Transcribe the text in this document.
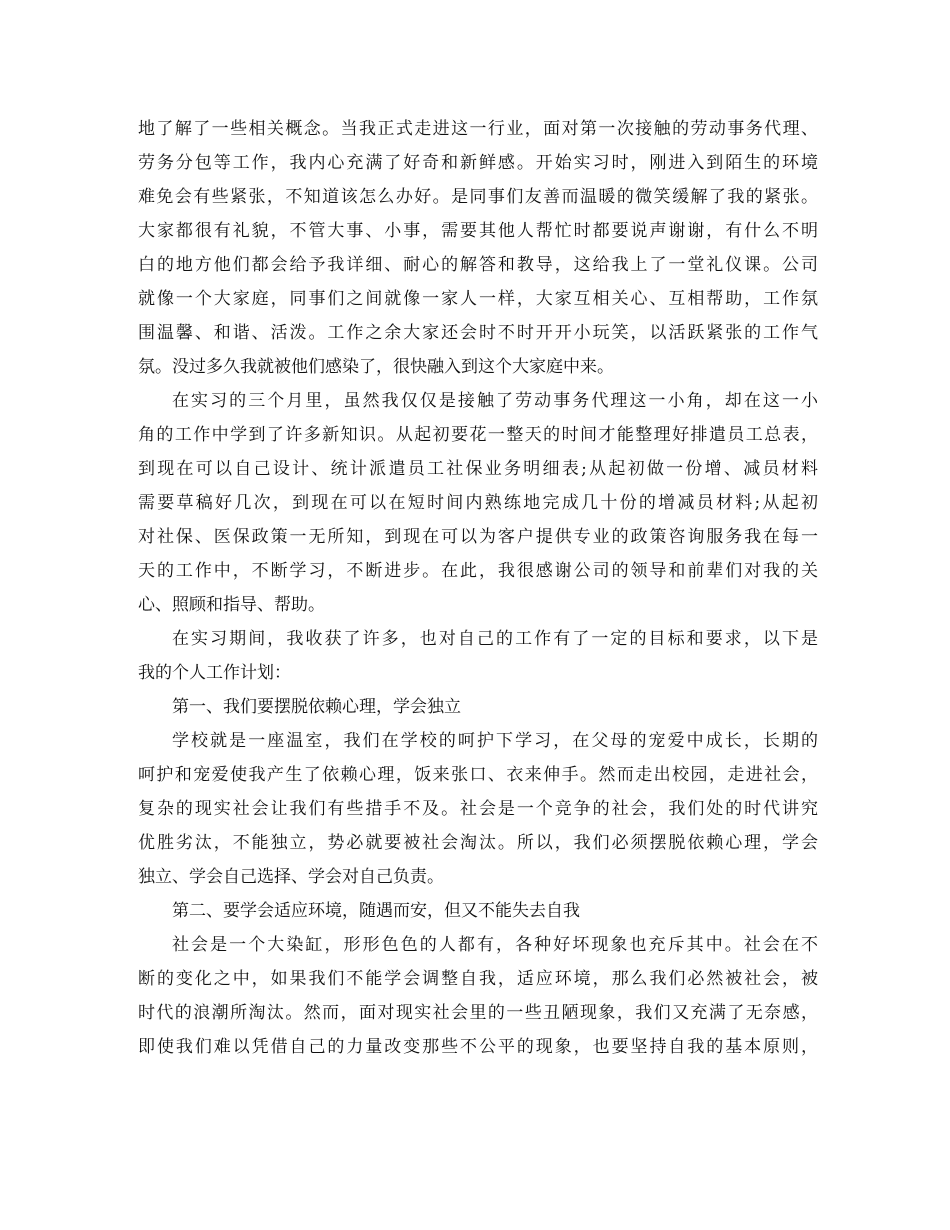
地了解了一些相关概念。当我正式走进这一行业，面对第一次接触的劳动事务代理、
劳务分包等工作，我内心充满了好奇和新鲜感。开始实习时，刚进入到陌生的环境
难免会有些紧张，不知道该怎么办好。是同事们友善而温暖的微笑缓解了我的紧张。
大家都很有礼貌，不管大事、小事，需要其他人帮忙时都要说声谢谢，有什么不明
白的地方他们都会给予我详细、耐心的解答和教导，这给我上了一堂礼仪课。公司
就像一个大家庭，同事们之间就像一家人一样，大家互相关心、互相帮助，工作氛
围温馨、和谐、活泼。工作之余大家还会时不时开开小玩笑，以活跃紧张的工作气
氛。没过多久我就被他们感染了，很快融入到这个大家庭中来。
在实习的三个月里，虽然我仅仅是接触了劳动事务代理这一小角，却在这一小
角的工作中学到了许多新知识。从起初要花一整天的时间才能整理好排遣员工总表，
到现在可以自己设计、统计派遣员工社保业务明细表;从起初做一份增、减员材料
需要草稿好几次，到现在可以在短时间内熟练地完成几十份的增减员材料;从起初
对社保、医保政策一无所知，到现在可以为客户提供专业的政策咨询服务我在每一
天的工作中，不断学习，不断进步。在此，我很感谢公司的领导和前辈们对我的关
心、照顾和指导、帮助。
在实习期间，我收获了许多，也对自己的工作有了一定的目标和要求，以下是
我的个人工作计划：
第一、我们要摆脱依赖心理，学会独立
学校就是一座温室，我们在学校的呵护下学习，在父母的宠爱中成长，长期的
呵护和宠爱使我产生了依赖心理，饭来张口、衣来伸手。然而走出校园，走进社会，
复杂的现实社会让我们有些措手不及。社会是一个竞争的社会，我们处的时代讲究
优胜劣汰，不能独立，势必就要被社会淘汰。所以，我们必须摆脱依赖心理，学会
独立、学会自己选择、学会对自己负责。
第二、要学会适应环境，随遇而安，但又不能失去自我
社会是一个大染缸，形形色色的人都有，各种好坏现象也充斥其中。社会在不
断的变化之中，如果我们不能学会调整自我，适应环境，那么我们必然被社会，被
时代的浪潮所淘汰。然而，面对现实社会里的一些丑陋现象，我们又充满了无奈感，
即使我们难以凭借自己的力量改变那些不公平的现象，也要坚持自我的基本原则，
